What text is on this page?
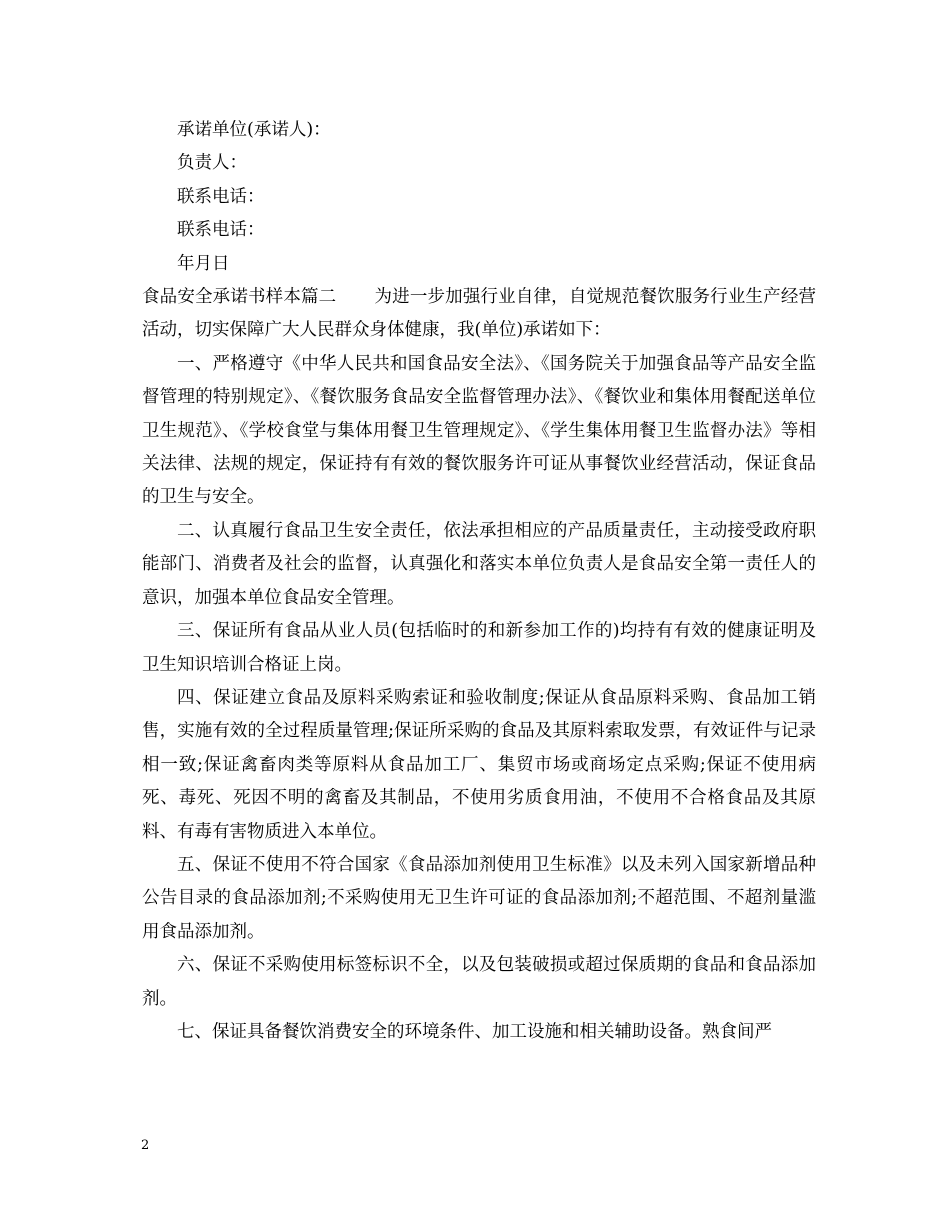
承诺单位(承诺人)：

负责人：

联系电话：

联系电话：

年月日

食品安全承诺书样本篇二 为进一步加强行业自律，自觉规范餐饮服务行业生产经营活动，切实保障广大人民群众身体健康，我(单位)承诺如下：

一、严格遵守《中华人民共和国食品安全法》、《国务院关于加强食品等产品安全监督管理的特别规定》、《餐饮服务食品安全监督管理办法》、《餐饮业和集体用餐配送单位卫生规范》、《学校食堂与集体用餐卫生管理规定》、《学生集体用餐卫生监督办法》等相关法律、法规的规定，保证持有有效的餐饮服务许可证从事餐饮业经营活动，保证食品的卫生与安全。

二、认真履行食品卫生安全责任，依法承担相应的产品质量责任，主动接受政府职能部门、消费者及社会的监督，认真强化和落实本单位负责人是食品安全第一责任人的意识，加强本单位食品安全管理。

三、保证所有食品从业人员(包括临时的和新参加工作的)均持有有效的健康证明及卫生知识培训合格证上岗。

四、保证建立食品及原料采购索证和验收制度;保证从食品原料采购、食品加工销售，实施有效的全过程质量管理;保证所采购的食品及其原料索取发票，有效证件与记录相一致;保证禽畜肉类等原料从食品加工厂、集贸市场或商场定点采购;保证不使用病死、毒死、死因不明的禽畜及其制品，不使用劣质食用油，不使用不合格食品及其原料、有毒有害物质进入本单位。

五、保证不使用不符合国家《食品添加剂使用卫生标准》以及未列入国家新增品种公告目录的食品添加剂;不采购使用无卫生许可证的食品添加剂;不超范围、不超剂量滥用食品添加剂。

六、保证不采购使用标签标识不全，以及包装破损或超过保质期的食品和食品添加剂。

七、保证具备餐饮消费安全的环境条件、加工设施和相关辅助设备。熟食间严

2
